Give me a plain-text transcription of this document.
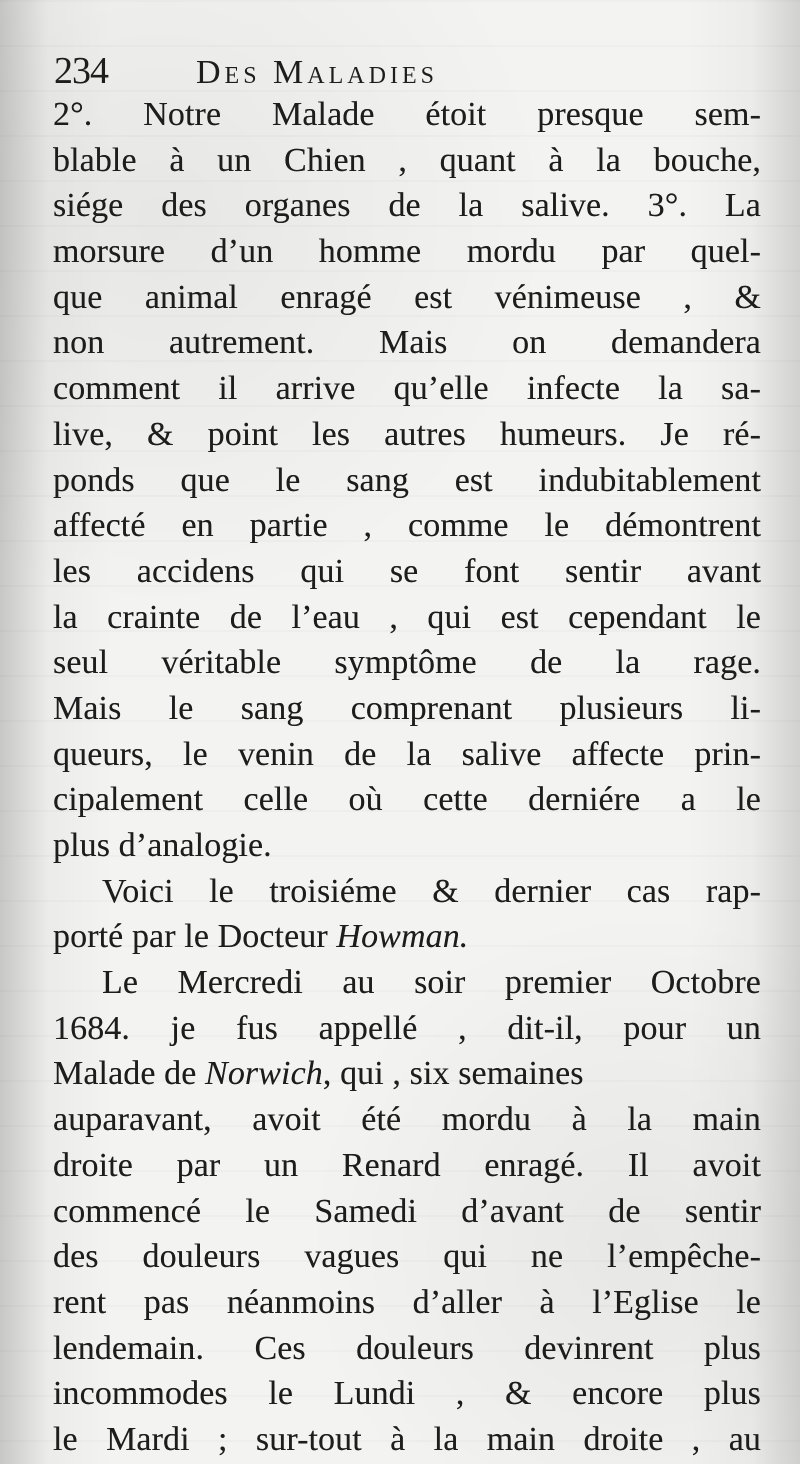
234	Des Maladies
2°. Notre Malade étoit presque sem-
blable à un Chien , quant à la bouche,
siége des organes de la salive. 3°. La
morsure d’un homme mordu par quel-
que animal enragé est vénimeuse , &
non autrement. Mais on demandera
comment il arrive qu’elle infecte la sa-
live, & point les autres humeurs. Je ré-
ponds que le sang est indubitablement
affecté en partie , comme le démontrent
les accidens qui se font sentir avant
la crainte de l’eau , qui est cependant le
seul véritable symptôme de la rage.
Mais le sang comprenant plusieurs li-
queurs, le venin de la salive affecte prin-
cipalement celle où cette derniére a le
plus d’analogie.
Voici le troisiéme & dernier cas rap-
porté par le Docteur Howman.
Le Mercredi au soir premier Octobre
1684. je fus appellé , dit-il, pour un
Malade de Norwich, qui , six semaines
auparavant, avoit été mordu à la main
droite par un Renard enragé. Il avoit
commencé le Samedi d’avant de sentir
des douleurs vagues qui ne l’empêche-
rent pas néanmoins d’aller à l’Eglise le
lendemain. Ces douleurs devinrent plus
incommodes le Lundi , & encore plus
le Mardi ; sur-tout à la main droite , au
